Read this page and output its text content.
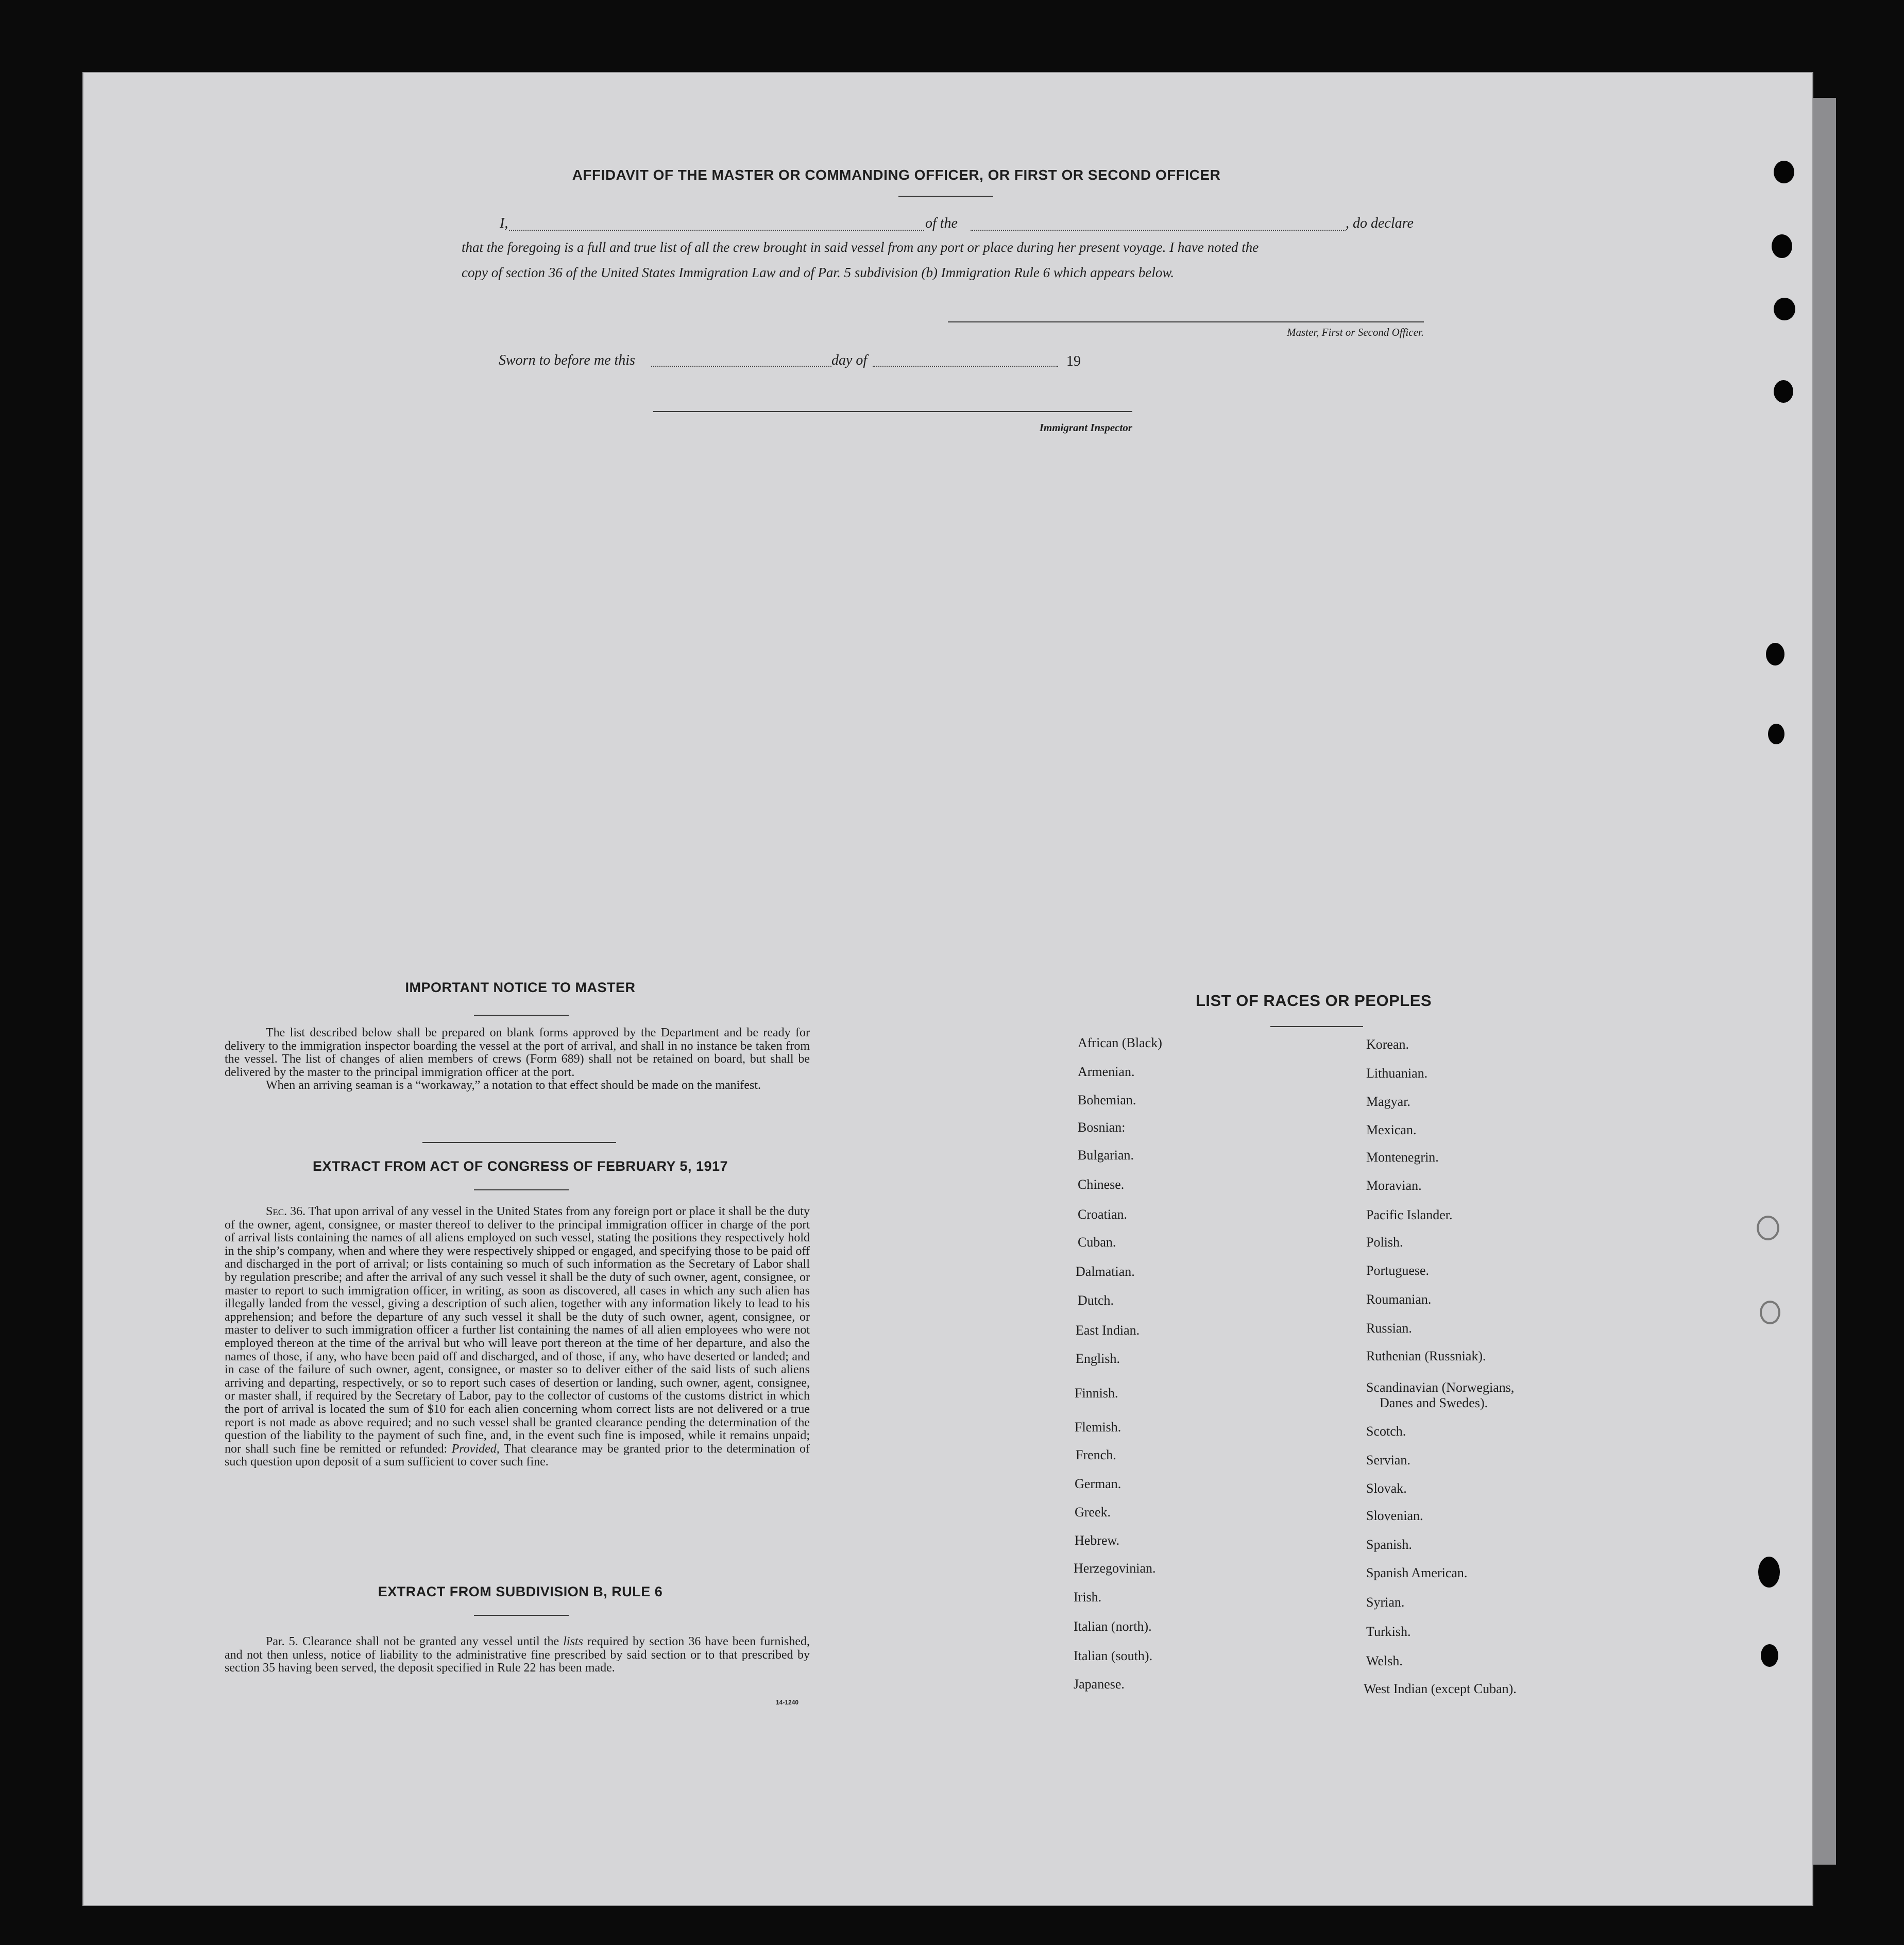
AFFIDAVIT OF THE MASTER OR COMMANDING OFFICER, OR FIRST OR SECOND OFFICER
I,	of the	, do declare
that the foregoing is a full and true list of all the crew brought in said vessel from any port or place during her present voyage. I have noted the
copy of section 36 of the United States Immigration Law and of Par. 5 subdivision (b) Immigration Rule 6 which appears below.
Master, First or Second Officer.
Sworn to before me this	day of	19
Immigrant Inspector
IMPORTANT NOTICE TO MASTER

The list described below shall be prepared on blank forms approved by the Department and be ready for delivery to the immigration inspector boarding the vessel at the port of arrival, and shall in no instance be taken from the vessel. The list of changes of alien members of crews (Form 689) shall not be retained on board, but shall be delivered by the master to the principal immigration officer at the port.

When an arriving seaman is a “workaway,” a notation to that effect should be made on the manifest.

EXTRACT FROM ACT OF CONGRESS OF FEBRUARY 5, 1917

Sec. 36. That upon arrival of any vessel in the United States from any foreign port or place it shall be the duty of the owner, agent, consignee, or master thereof to deliver to the principal immigration officer in charge of the port of arrival lists containing the names of all aliens employed on such vessel, stating the positions they respectively hold in the ship’s company, when and where they were respectively shipped or engaged, and specifying those to be paid off and discharged in the port of arrival; or lists containing so much of such information as the Secretary of Labor shall by regulation prescribe; and after the arrival of any such vessel it shall be the duty of such owner, agent, consignee, or master to report to such immigration officer, in writing, as soon as discovered, all cases in which any such alien has illegally landed from the vessel, giving a description of such alien, together with any information likely to lead to his apprehension; and before the departure of any such vessel it shall be the duty of such owner, agent, consignee, or master to deliver to such immigration officer a further list containing the names of all alien employees who were not employed thereon at the time of the arrival but who will leave port thereon at the time of her departure, and also the names of those, if any, who have been paid off and discharged, and of those, if any, who have deserted or landed; and in case of the failure of such owner, agent, consignee, or master so to deliver either of the said lists of such aliens arriving and departing, respectively, or so to report such cases of desertion or landing, such owner, agent, consignee, or master shall, if required by the Secretary of Labor, pay to the collector of customs of the customs district in which the port of arrival is located the sum of $10 for each alien concerning whom correct lists are not delivered or a true report is not made as above required; and no such vessel shall be granted clearance pending the determination of the question of the liability to the payment of such fine, and, in the event such fine is imposed, while it remains unpaid; nor shall such fine be remitted or refunded: Provided, That clearance may be granted prior to the determination of such question upon deposit of a sum sufficient to cover such fine.

EXTRACT FROM SUBDIVISION B, RULE 6

Par. 5. Clearance shall not be granted any vessel until the lists required by section 36 have been furnished, and not then unless, notice of liability to the administrative fine prescribed by said section or to that prescribed by section 35 having been served, the deposit specified in Rule 22 has been made.

14-1240
LIST OF RACES OR PEOPLES
African (Black)
Armenian.
Bohemian.
Bosnian:
Bulgarian.
Chinese.
Croatian.
Cuban.
Dalmatian.
Dutch.
East Indian.
English.
Finnish.
Flemish.
French.
German.
Greek.
Hebrew.
Herzegovinian.
Irish.
Italian (north).
Italian (south).
Japanese.
Korean.
Lithuanian.
Magyar.
Mexican.
Montenegrin.
Moravian.
Pacific Islander.
Polish.
Portuguese.
Roumanian.
Russian.
Ruthenian (Russniak).
Scandinavian (Norwegians,
Danes and Swedes).
Scotch.
Servian.
Slovak.
Slovenian.
Spanish.
Spanish American.
Syrian.
Turkish.
Welsh.
West Indian (except Cuban).
